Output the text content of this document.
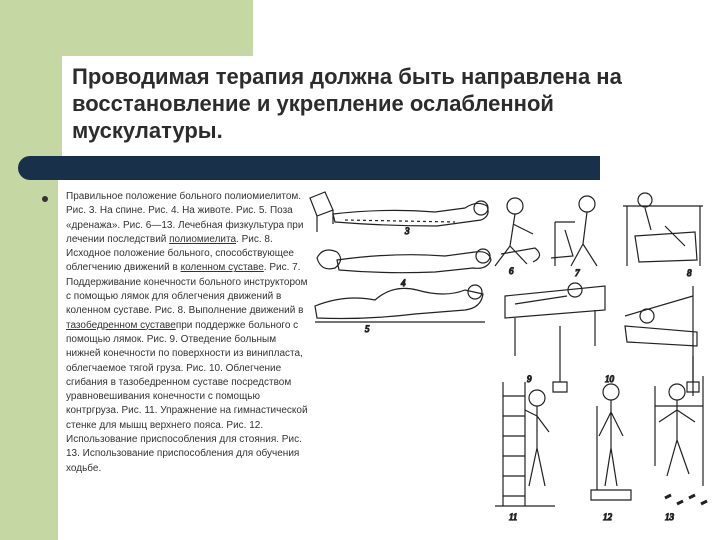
Проводимая терапия должна быть направлена на восстановление и укрепление ослабленной мускулатуры.

Правильное положение больного полиомиелитом. Рис. 3. На спине. Рис. 4. На животе. Рис. 5. Поза «дренажа». Рис. 6—13. Лечебная физкультура при лечении последствий полиомиелита. Рис. 8. Исходное положение больного, способствующее облегчению движений в коленном суставе. Рис. 7. Поддерживание конечности больного инструктором с помощью лямок для облегчения движений в коленном суставе. Рис. 8. Выполнение движений в тазобедренном суставепри поддержке больного с помощью лямок. Рис. 9. Отведение больным нижней конечности по поверхности из винипласта, облегчаемое тягой груза. Рис. 10. Облегчение сгибания в тазобедренном суставе посредством уравновешивания конечности с помощью контргруза. Рис. 11. Упражнение на гимнастической стенке для мышц верхнего пояса. Рис. 12. Использование приспособления для стояния. Рис. 13. Использование приспособления для обучения ходьбе.

3
4
5
6	7	8
9	10
11	12	13
